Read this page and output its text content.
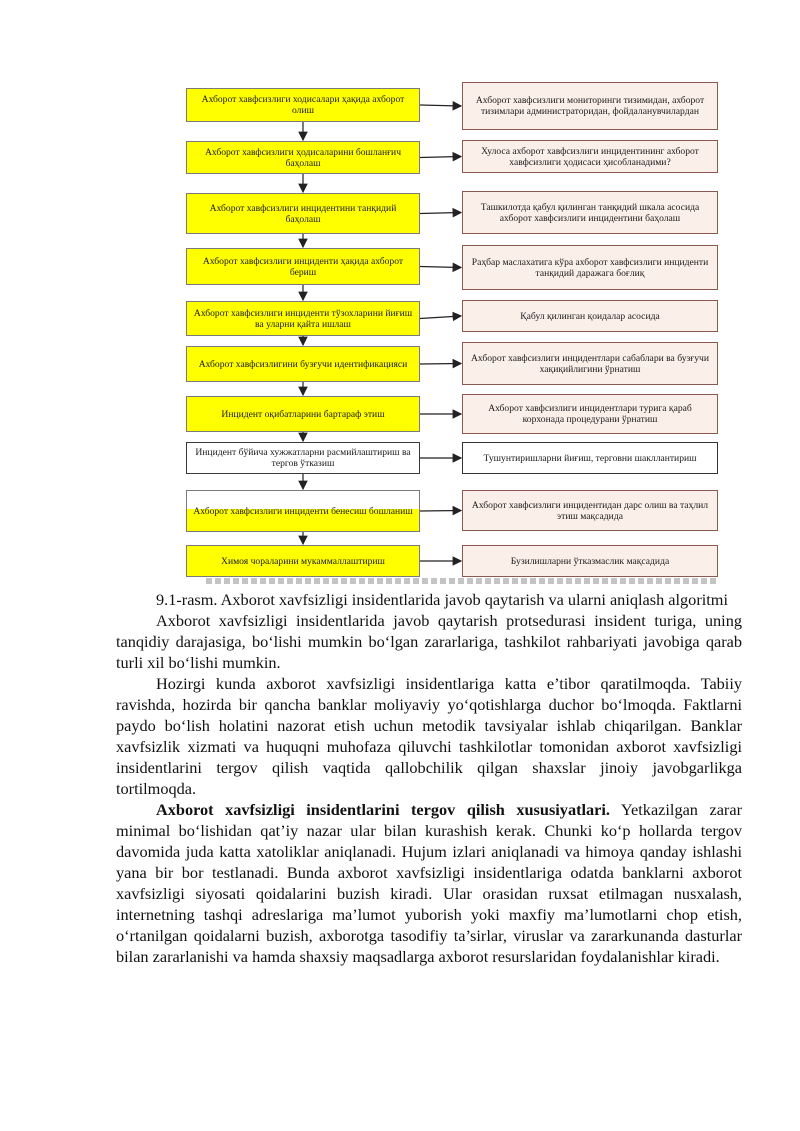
Ахборот хавфсизлиги ходисалари ҳақида ахборот олиш
Ахборот хавфсизлиги ҳодисаларини бошланғич баҳолаш
Ахборот хавфсизлиги инцидентини танқидий баҳолаш
Ахборот хавфсизлиги инциденти ҳақида ахборот бериш
Ахборот хавфсизлиги инциденти тўзохларини йиғиш ва уларни қайта ишлаш
Ахборот хавфсизлигини бузғучи идентификацияси
Инцидент оқибатларини бартараф этиш
Инцидент бўйича хужжатларни расмийлаштириш ва тергов ўтказиш
Ахборот хавфсизлиги инциденти бенесиш бошланиш
Химоя чораларини мукаммаллаштириш
Ахборот хавфсизлиги мониторинги тизимидан, ахборот тизимлари администраторидан, фойдаланувчилардан
Хулоса ахборот хавфсизлиги инцидентининг ахборот хавфсизлиги ҳодисаси ҳисобланадими?
Ташкилотда қабул қилинган танқидий шкала асосида ахборот хавфсизлиги инцидентини баҳолаш
Раҳбар маслахатига кўра ахборот хавфсизлиги инциденти танқидий даражага боғлиқ
Қабул қилинган қоидалар асосида
Ахборот хавфсизлиги инцидентлари сабаблари ва бузғучи хақиқийлигини ўрнатиш
Ахборот хавфсизлиги инцидентлари турига қараб корхонада процедурани ўрнатиш
Тушунтиришларни йиғиш, терговни шакллантириш
Ахборот хавфсизлиги инцидентидан дарс олиш ва таҳлил этиш мақсадида
Бузилишларни ўтказмаслик мақсадида

9.1-rasm. Axborot xavfsizligi insidentlarida javob qaytarish va ularni aniqlash algoritmi

Axborot xavfsizligi insidentlarida javob qaytarish protsedurasi insident turiga, uning tanqidiy darajasiga, boʻlishi mumkin boʻlgan zararlariga, tashkilot rahbariyati javobiga qarab turli xil boʻlishi mumkin.

Hozirgi kunda axborot xavfsizligi insidentlariga katta e’tibor qaratilmoqda. Tabiiy ravishda, hozirda bir qancha banklar moliyaviy yoʻqotishlarga duchor boʻlmoqda. Faktlarni paydo boʻlish holatini nazorat etish uchun metodik tavsiyalar ishlab chiqarilgan. Banklar xavfsizlik xizmati va huquqni muhofaza qiluvchi tashkilotlar tomonidan axborot xavfsizligi insidentlarini tergov qilish vaqtida qallobchilik qilgan shaxslar jinoiy javobgarlikga tortilmoqda.

Axborot xavfsizligi insidentlarini tergov qilish xususiyatlari. Yetkazilgan zarar minimal boʻlishidan qat’iy nazar ular bilan kurashish kerak. Chunki koʻp hollarda tergov davomida juda katta xatoliklar aniqlanadi. Hujum izlari aniqlanadi va himoya qanday ishlashi yana bir bor testlanadi. Bunda axborot xavfsizligi insidentlariga odatda banklarni axborot xavfsizligi siyosati qoidalarini buzish kiradi. Ular orasidan ruxsat etilmagan nusxalash, internetning tashqi adreslariga ma’lumot yuborish yoki maxfiy ma’lumotlarni chop etish, oʻrtanilgan qoidalarni buzish, axborotga tasodifiy ta’sirlar, viruslar va zararkunanda dasturlar bilan zararlanishi va hamda shaxsiy maqsadlarga axborot resurslaridan foydalanishlar kiradi.
